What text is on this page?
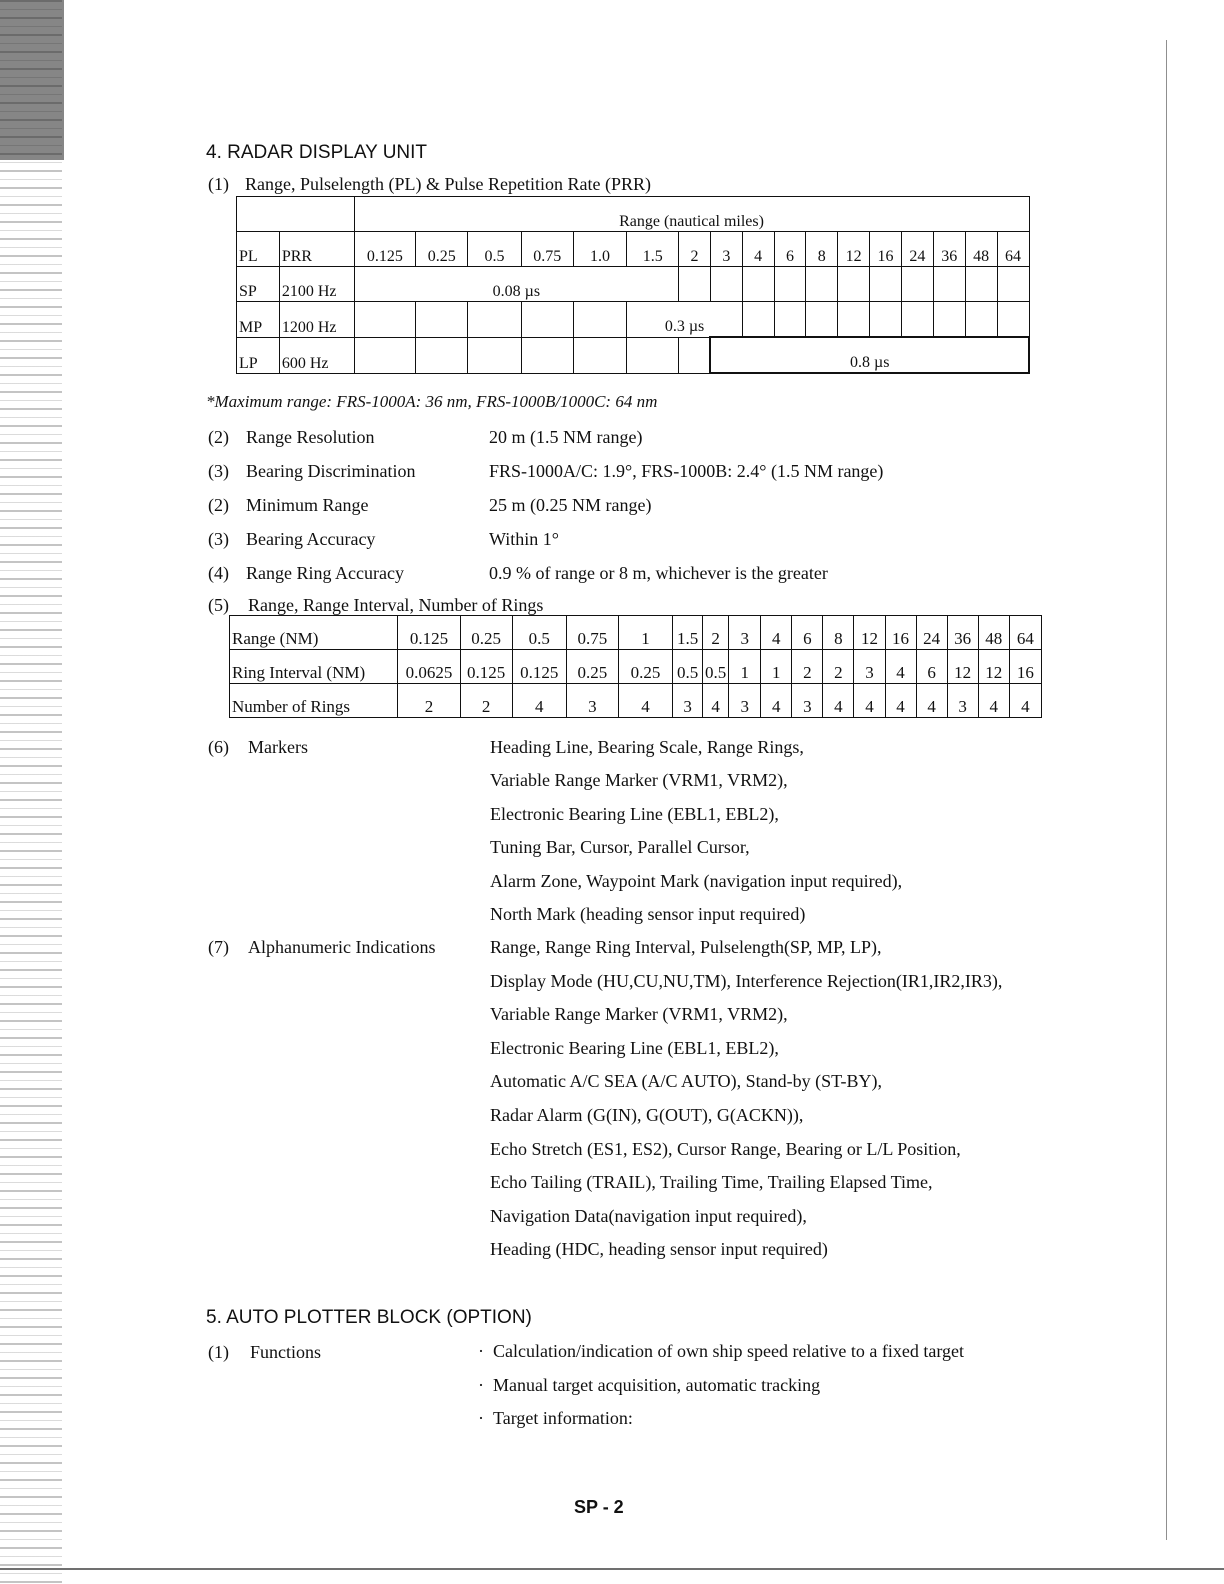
4. RADAR DISPLAY UNIT
(1) Range, Pulselength (PL) & Pulse Repetition Rate (PRR)
		Range (nautical miles)																
PL	PRR	0.125	0.25	0.5	0.75	1.0	1.5	2	3	4	6	8	12	16	24	36	48	64
SP	2100 Hz	0.08 µs																
MP	1200 Hz						0.3 µs											
LP	600 Hz								0.8 µs									
*Maximum range: FRS-1000A: 36 nm, FRS-1000B/1000C: 64 nm
(2) Range Resolution	20 m (1.5 NM range)
(3) Bearing Discrimination	FRS-1000A/C: 1.9°, FRS-1000B: 2.4° (1.5 NM range)
(2) Minimum Range	25 m (0.25 NM range)
(3) Bearing Accuracy	Within 1°
(4) Range Ring Accuracy	0.9 % of range or 8 m, whichever is the greater
(5) Range, Range Interval, Number of Rings
Range (NM)	0.125	0.25	0.5	0.75	1	1.5	2	3	4	6	8	12	16	24	36	48	64
Ring Interval (NM)	0.0625	0.125	0.125	0.25	0.25	0.5	0.5	1	1	2	2	3	4	6	12	12	16
Number of Rings	2	2	4	3	4	3	4	3	4	3	4	4	4	4	3	4	4
(6) Markers	Heading Line, Bearing Scale, Range Rings,
Variable Range Marker (VRM1, VRM2),
Electronic Bearing Line (EBL1, EBL2),
Tuning Bar, Cursor, Parallel Cursor,
Alarm Zone, Waypoint Mark (navigation input required),
North Mark (heading sensor input required)
(7) Alphanumeric Indications	Range, Range Ring Interval, Pulselength(SP, MP, LP),
Display Mode (HU,CU,NU,TM), Interference Rejection(IR1,IR2,IR3),
Variable Range Marker (VRM1, VRM2),
Electronic Bearing Line (EBL1, EBL2),
Automatic A/C SEA (A/C AUTO), Stand-by (ST-BY),
Radar Alarm (G(IN), G(OUT), G(ACKN)),
Echo Stretch (ES1, ES2), Cursor Range, Bearing or L/L Position,
Echo Tailing (TRAIL), Trailing Time, Trailing Elapsed Time,
Navigation Data(navigation input required),
Heading (HDC, heading sensor input required)
5. AUTO PLOTTER BLOCK (OPTION)
(1) Functions	· Calculation/indication of own ship speed relative to a fixed target
· Manual target acquisition, automatic tracking
· Target information:
SP - 2
